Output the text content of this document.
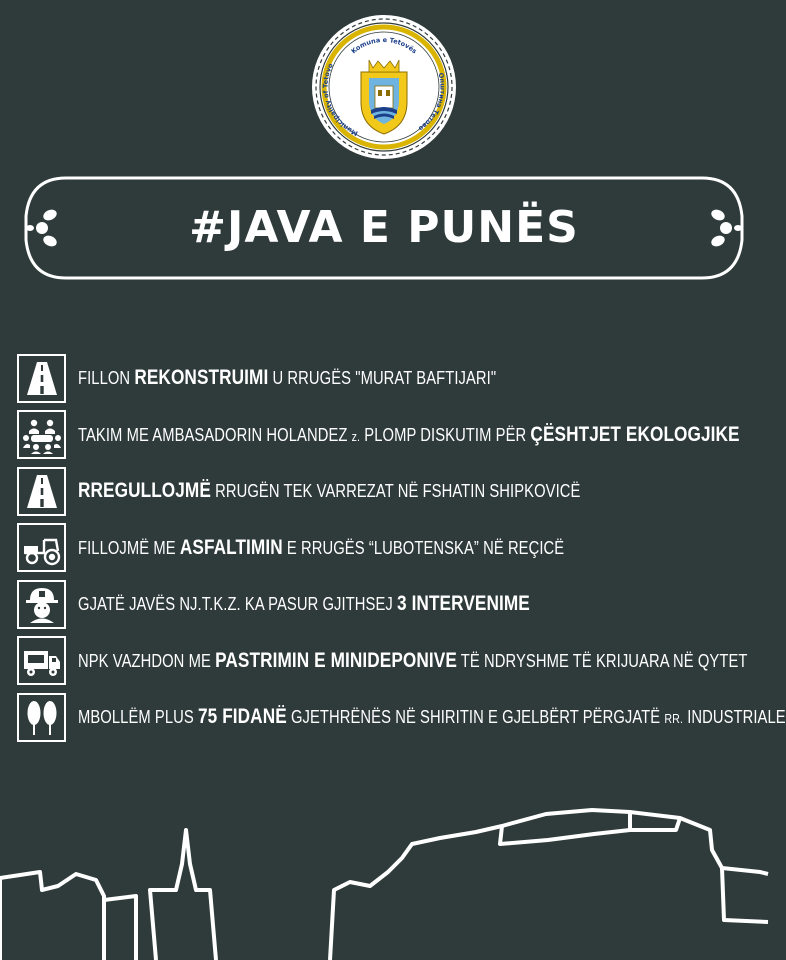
Komuna e Tetovës
Municipality of Tetovo
Општина Тетово
#JAVA E PUNËS
FILLON REKONSTRUIMI U RRUGËS "MURAT BAFTIJARI"
TAKIM ME AMBASADORIN HOLANDEZ z. PLOMP DISKUTIM PËR ÇËSHTJET EKOLOGJIKE
RREGULLOJMË RRUGËN TEK VARREZAT NË FSHATIN SHIPKOVICË
FILLOJMË ME ASFALTIMIN E RRUGËS “LUBOTENSKA” NË REÇICË
GJATË JAVËS NJ.T.K.Z. KA PASUR GJITHSEJ 3 INTERVENIME
NPK VAZHDON ME PASTRIMIN E MINIDEPONIVE TË NDRYSHME TË KRIJUARA NË QYTET
MBOLLËM PLUS 75 FIDANË GJETHRËNËS NË SHIRITIN E GJELBËRT PËRGJATË RR. INDUSTRIALE
